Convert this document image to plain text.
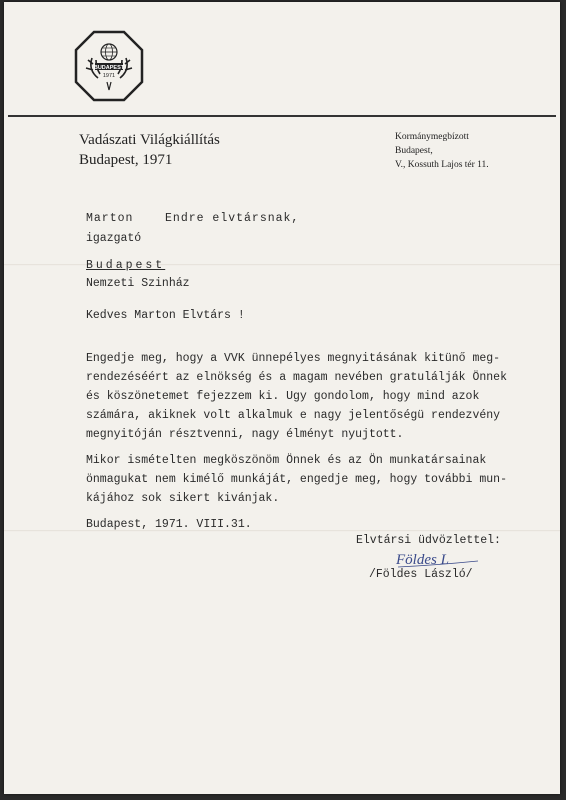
BUDAPEST
1971
Vadászati Világkiállítás
Budapest, 1971
Kormánymegbízott
Budapest,
V., Kossuth Lajos tér 11.
Marton    Endre elvtársnak,
igazgató
Budapest
Nemzeti Szinház
Kedves Marton Elvtárs !
Engedje meg, hogy a VVK ünnepélyes megnyitásának kitünő meg-
rendezéséért az elnökség és a magam nevében gratulálják Önnek
és köszönetemet fejezzem ki. Ugy gondolom, hogy mind azok
számára, akiknek volt alkalmuk e nagy jelentőségü rendezvény
megnyitóján résztvenni, nagy élményt nyujtott.
Mikor ismételten megköszönöm Önnek és az Ön munkatársainak
önmagukat nem kimélő munkáját, engedje meg, hogy további mun-
kájához sok sikert kivánjak.
Budapest, 1971. VIII.31.
Elvtársi üdvözlettel:
Földes L
/Földes László/
